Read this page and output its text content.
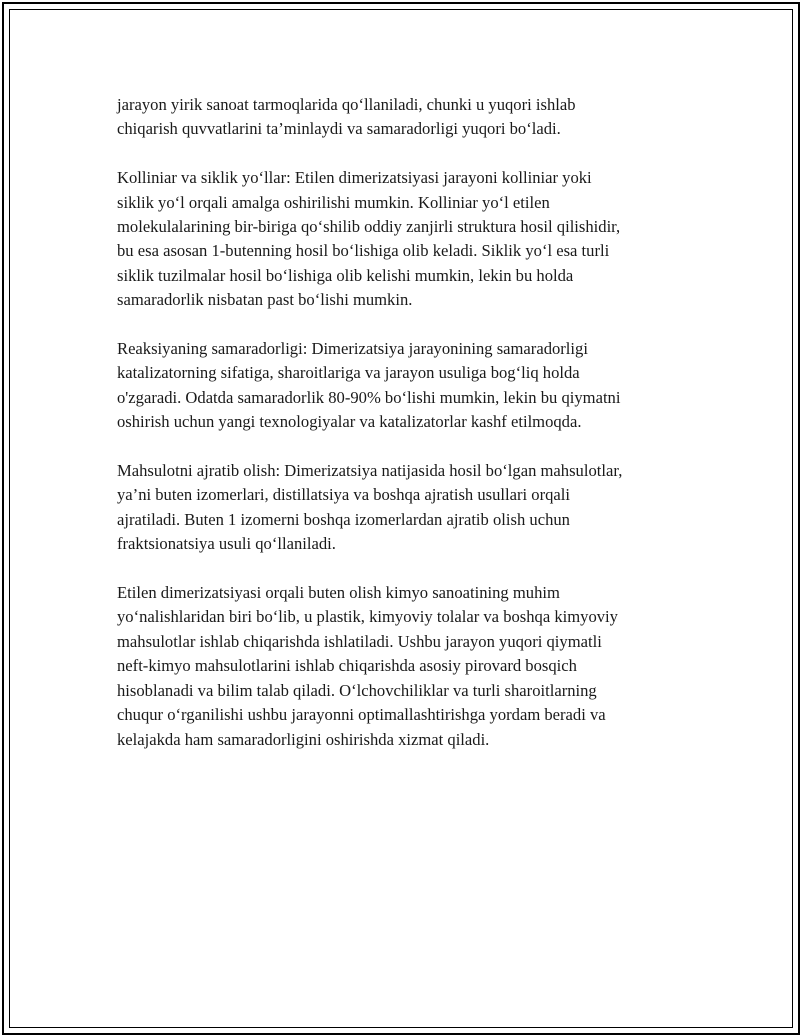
jarayon yirik sanoat tarmoqlarida qo‘llaniladi, chunki u yuqori ishlab
chiqarish quvvatlarini ta’minlaydi va samaradorligi yuqori bo‘ladi.

Kolliniar va siklik yo‘llar: Etilen dimerizatsiyasi jarayoni kolliniar yoki
siklik yo‘l orqali amalga oshirilishi mumkin. Kolliniar yo‘l etilen
molekulalarining bir-biriga qo‘shilib oddiy zanjirli struktura hosil qilishidir,
bu esa asosan 1-butenning hosil bo‘lishiga olib keladi. Siklik yo‘l esa turli
siklik tuzilmalar hosil bo‘lishiga olib kelishi mumkin, lekin bu holda
samaradorlik nisbatan past bo‘lishi mumkin.

Reaksiyaning samaradorligi: Dimerizatsiya jarayonining samaradorligi
katalizatorning sifatiga, sharoitlariga va jarayon usuliga bog‘liq holda
o'zgaradi. Odatda samaradorlik 80-90% bo‘lishi mumkin, lekin bu qiymatni
oshirish uchun yangi texnologiyalar va katalizatorlar kashf etilmoqda.

Mahsulotni ajratib olish: Dimerizatsiya natijasida hosil bo‘lgan mahsulotlar,
ya’ni buten izomerlari, distillatsiya va boshqa ajratish usullari orqali
ajratiladi. Buten 1 izomerni boshqa izomerlardan ajratib olish uchun
fraktsionatsiya usuli qo‘llaniladi.

Etilen dimerizatsiyasi orqali buten olish kimyo sanoatining muhim
yo‘nalishlaridan biri bo‘lib, u plastik, kimyoviy tolalar va boshqa kimyoviy
mahsulotlar ishlab chiqarishda ishlatiladi. Ushbu jarayon yuqori qiymatli
neft-kimyo mahsulotlarini ishlab chiqarishda asosiy pirovard bosqich
hisoblanadi va bilim talab qiladi. O‘lchovchiliklar va turli sharoitlarning
chuqur o‘rganilishi ushbu jarayonni optimallashtirishga yordam beradi va
kelajakda ham samaradorligini oshirishda xizmat qiladi.
